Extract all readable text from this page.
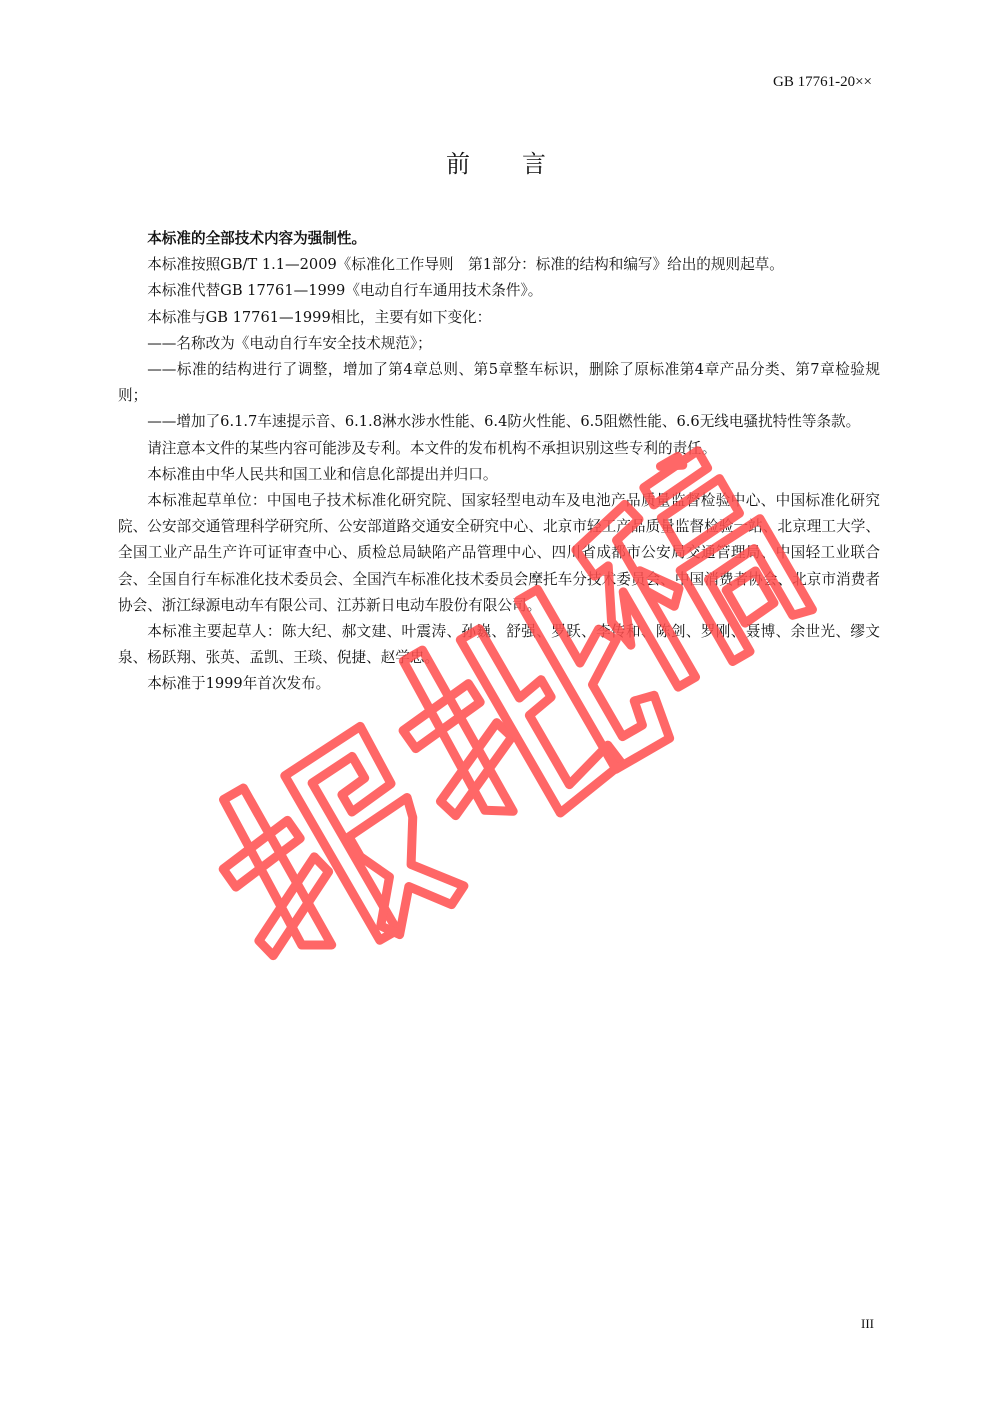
GB 17761-20××
前言

本标准的全部技术内容为强制性。

本标准按照GB/T 1.1—2009《标准化工作导则　第1部分：标准的结构和编写》给出的规则起草。

本标准代替GB 17761—1999《电动自行车通用技术条件》。

本标准与GB 17761—1999相比，主要有如下变化：

——名称改为《电动自行车安全技术规范》；

——标准的结构进行了调整，增加了第4章总则、第5章整车标识，删除了原标准第4章产品分类、第7章检验规则；

——增加了6.1.7车速提示音、6.1.8淋水涉水性能、6.4防火性能、6.5阻燃性能、6.6无线电骚扰特性等条款。

请注意本文件的某些内容可能涉及专利。本文件的发布机构不承担识别这些专利的责任。

本标准由中华人民共和国工业和信息化部提出并归口。

本标准起草单位：中国电子技术标准化研究院、国家轻型电动车及电池产品质量监督检验中心、中国标准化研究院、公安部交通管理科学研究所、公安部道路交通安全研究中心、北京市轻工产品质量监督检验一站、北京理工大学、全国工业产品生产许可证审查中心、质检总局缺陷产品管理中心、四川省成都市公安局交通管理局、中国轻工业联合会、全国自行车标准化技术委员会、全国汽车标准化技术委员会摩托车分技术委员会、中国消费者协会、北京市消费者协会、浙江绿源电动车有限公司、江苏新日电动车股份有限公司。

本标准主要起草人：陈大纪、郝文建、叶震涛、孙巍、舒强、罗跃、李传和、陈剑、罗刚、聂博、余世光、缪文泉、杨跃翔、张英、孟凯、王琰、倪捷、赵学忠。

本标准于1999年首次发布。

III
